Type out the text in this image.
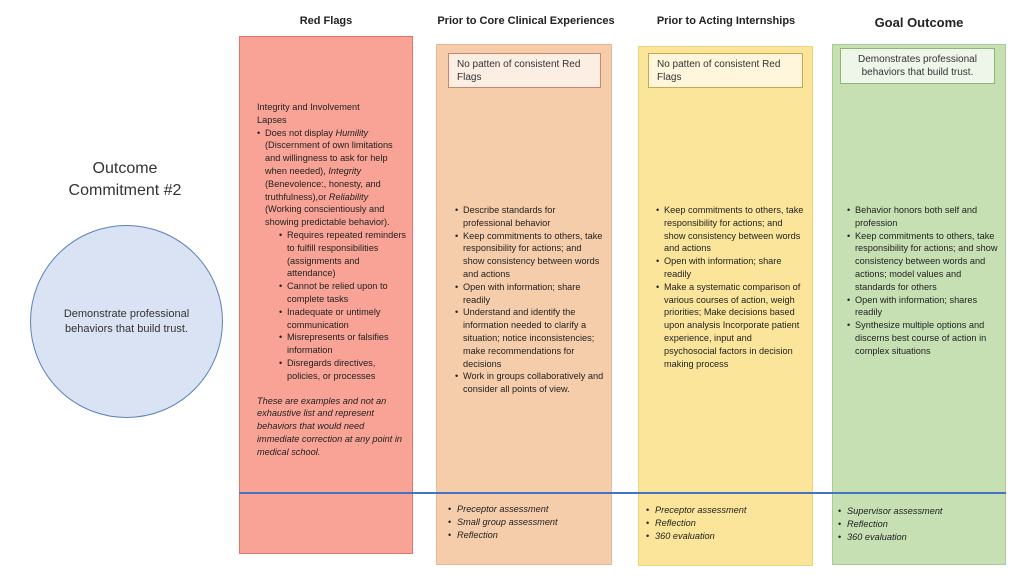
Red Flags	Prior to Core Clinical Experiences	Prior to Acting Internships	Goal Outcome
Outcome
Commitment #2
Demonstrate professional behaviors that build trust.
Integrity and Involvement
Lapses
• Does not display Humility (Discernment of own limitations and willingness to ask for help when needed), Integrity (Benevolence:, honesty, and truthfulness),or Reliability (Working conscientiously and showing predictable behavior).
• Requires repeated reminders to fulfill responsibilities (assignments and attendance)
• Cannot be relied upon to complete tasks
• Inadequate or untimely communication
• Misrepresents or falsifies information
• Disregards directives, policies, or processes
These are examples and not an exhaustive list and represent behaviors that would need immediate correction at any point in medical school.
No patten of consistent Red Flags
• Describe standards for professional behavior
• Keep commitments to others, take responsibility for actions; and show consistency between words and actions
• Open with information; share readily
• Understand and identify the information needed to clarify a situation; notice inconsistencies; make recommendations for decisions
• Work in groups collaboratively and consider all points of view.
• Preceptor assessment
• Small group assessment
• Reflection
No patten of consistent Red Flags
• Keep commitments to others, take responsibility for actions; and show consistency between words and actions
• Open with information; share readily
• Make a systematic comparison of various courses of action, weigh priorities; Make decisions based upon analysis Incorporate patient experience, input and psychosocial factors in decision making process
• Preceptor assessment
• Reflection
• 360 evaluation
Demonstrates professional behaviors that build trust.
• Behavior honors both self and profession
• Keep commitments to others, take responsibility for actions; and show consistency between words and actions; model values and standards for others
• Open with information; shares readily
• Synthesize multiple options and discerns best course of action in complex situations
• Supervisor assessment
• Reflection
• 360 evaluation
